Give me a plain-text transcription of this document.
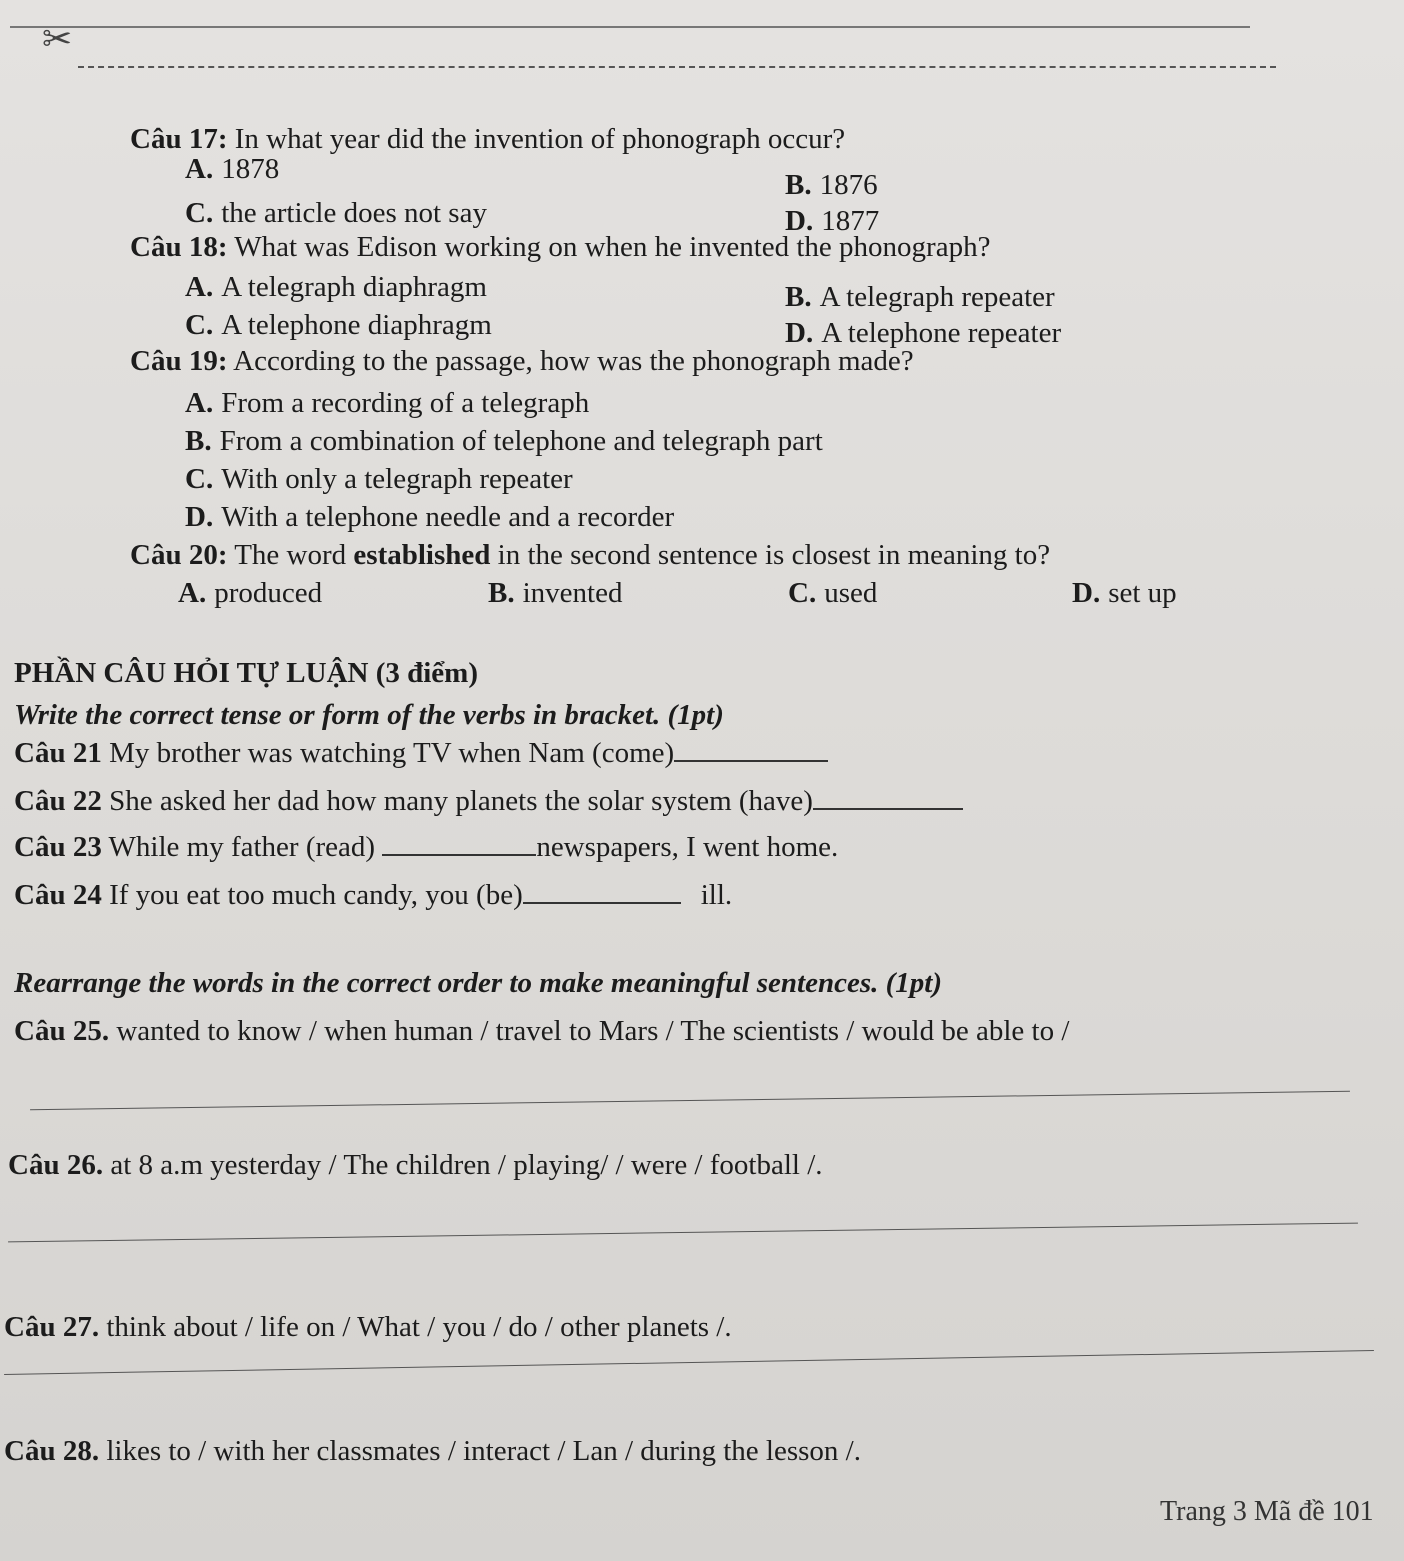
✂
Câu 17: In what year did the invention of phonograph occur?
A. 1878	B. 1876
C. the article does not say	D. 1877
Câu 18: What was Edison working on when he invented the phonograph?
A. A telegraph diaphragm	B. A telegraph repeater
C. A telephone diaphragm	D. A telephone repeater
Câu 19: According to the passage, how was the phonograph made?
A. From a recording of a telegraph
B. From a combination of telephone and telegraph part
C. With only a telegraph repeater
D. With a telephone needle and a recorder
Câu 20: The word established in the second sentence is closest in meaning to?
A. produced	B. invented	C. used	D. set up
PHẦN CÂU HỎI TỰ LUẬN (3 điểm)
Write the correct tense or form of the verbs in bracket. (1pt)
Câu 21 My brother was watching TV when Nam (come)
Câu 22 She asked her dad how many planets the solar system (have)
Câu 23 While my father (read)	newspapers, I went home.
Câu 24 If you eat too much candy, you (be)	ill.
Rearrange the words in the correct order to make meaningful sentences. (1pt)
Câu 25. wanted to know / when human / travel to Mars / The scientists / would be able to /
Câu 26. at 8 a.m yesterday / The children / playing/ / were / football /.
Câu 27. think about / life on / What / you / do / other planets /.
Câu 28. likes to / with her classmates / interact / Lan / during the lesson /.
Trang 3 Mã đề 101
